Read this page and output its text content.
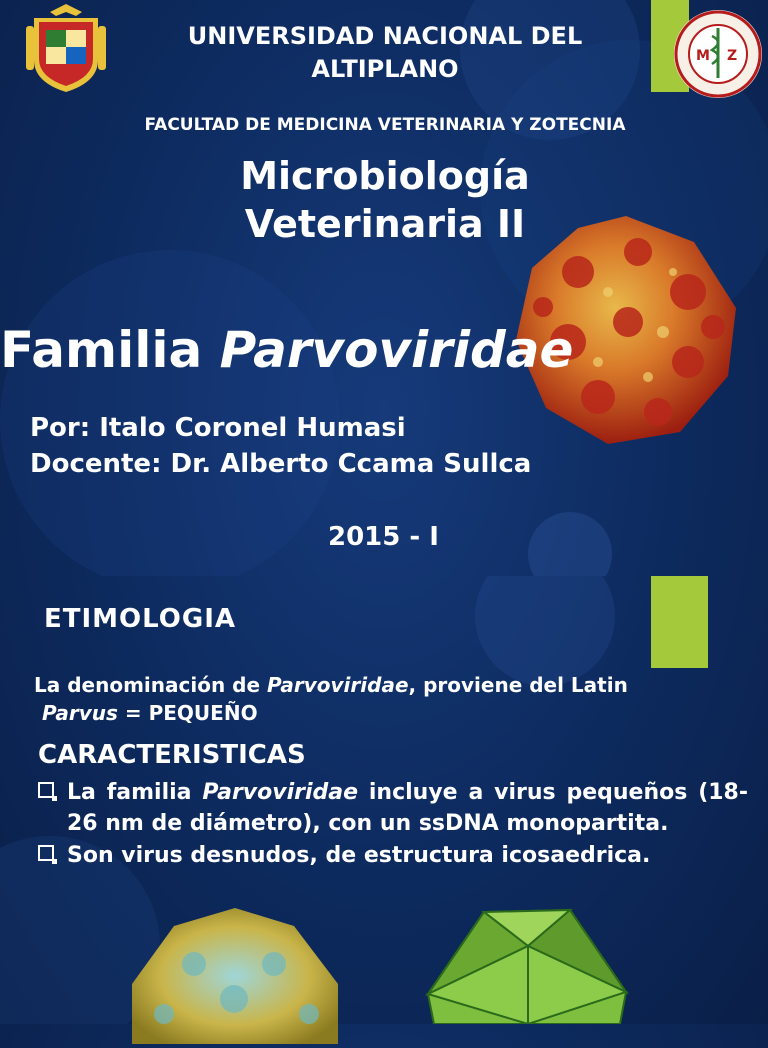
M Z
UNIVERSIDAD NACIONAL DEL ALTIPLANO
FACULTAD DE MEDICINA VETERINARIA Y ZOTECNIA
Microbiología Veterinaria II
Familia Parvoviridae
Por: Italo Coronel Humasi
Docente: Dr. Alberto Ccama Sullca
2015 - I
ETIMOLOGIA
La denominación de Parvoviridae, proviene del Latin
Parvus = PEQUEÑO
CARACTERISTICAS
La familia Parvoviridae incluye a virus pequeños (18-26 nm de diámetro), con un ssDNA monopartita.
Son virus desnudos, de estructura icosaedrica.
